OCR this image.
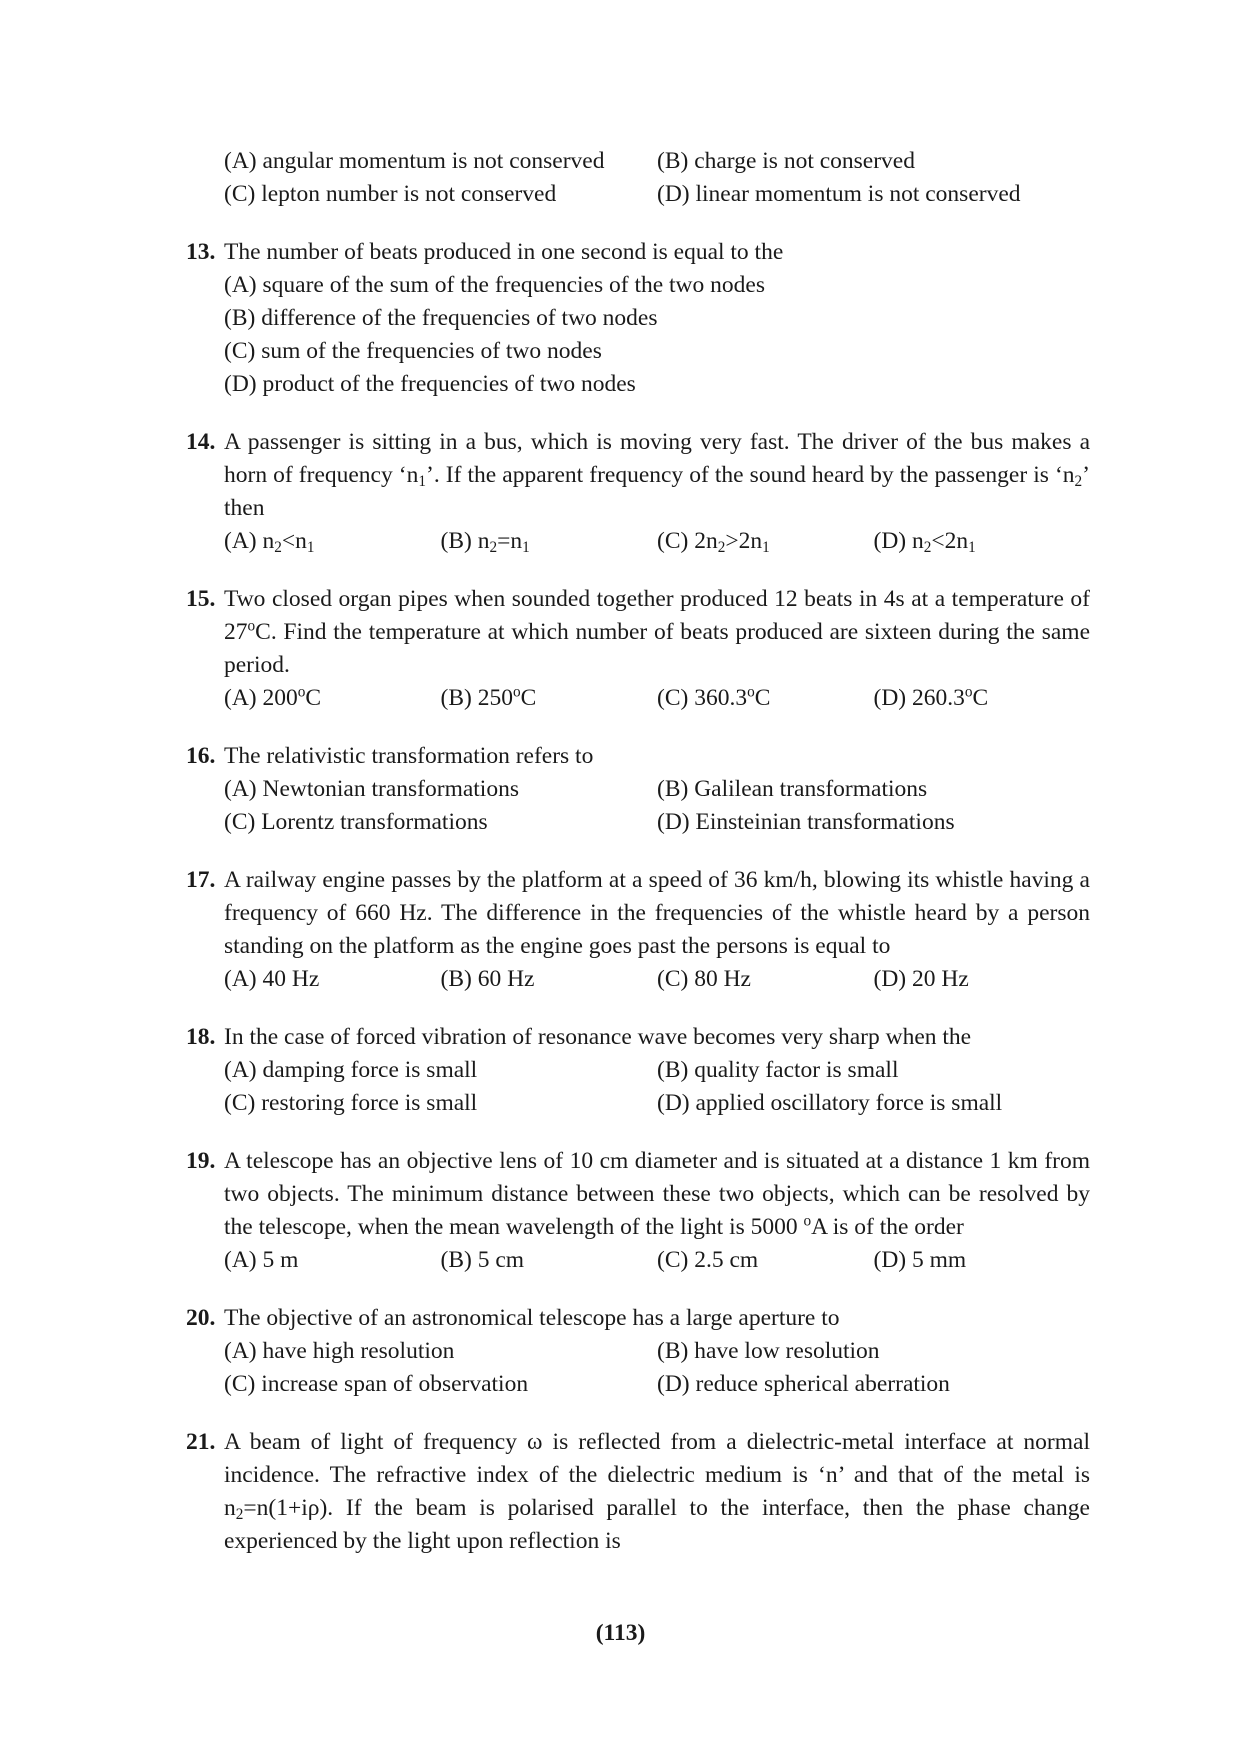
(A) angular momentum is not conserved	(B) charge is not conserved
(C) lepton number is not conserved	(D) linear momentum is not conserved
13. The number of beats produced in one second is equal to the
(A) square of the sum of the frequencies of the two nodes
(B) difference of the frequencies of two nodes
(C) sum of the frequencies of two nodes
(D) product of the frequencies of two nodes
14. A passenger is sitting in a bus, which is moving very fast. The driver of the bus makes a horn of frequency ‘$n_1$’. If the apparent frequency of the sound heard by the passenger is ‘$n_2$’ then
(A) $n_2<n_1$	(B) $n_2=n_1$	(C) $2n_2>2n_1$	(D) $n_2<2n_1$
15. Two closed organ pipes when sounded together produced 12 beats in 4s at a temperature of 27$^o$C. Find the temperature at which number of beats produced are sixteen during the same period.
(A) 200$^o$C	(B) 250$^o$C	(C) 360.3$^o$C	(D) 260.3$^o$C
16. The relativistic transformation refers to
(A) Newtonian transformations	(B) Galilean transformations
(C) Lorentz transformations	(D) Einsteinian transformations
17. A railway engine passes by the platform at a speed of 36 km/h, blowing its whistle having a frequency of 660 Hz. The difference in the frequencies of the whistle heard by a person standing on the platform as the engine goes past the persons is equal to
(A) 40 Hz	(B) 60 Hz	(C) 80 Hz	(D) 20 Hz
18. In the case of forced vibration of resonance wave becomes very sharp when the
(A) damping force is small	(B) quality factor is small
(C) restoring force is small	(D) applied oscillatory force is small
19. A telescope has an objective lens of 10 cm diameter and is situated at a distance 1 km from two objects. The minimum distance between these two objects, which can be resolved by the telescope, when the mean wavelength of the light is 5000 $^o$A is of the order
(A) 5 m	(B) 5 cm	(C) 2.5 cm	(D) 5 mm
20. The objective of an astronomical telescope has a large aperture to
(A) have high resolution	(B) have low resolution
(C) increase span of observation	(D) reduce spherical aberration
21. A beam of light of frequency ω is reflected from a dielectric-metal interface at normal incidence. The refractive index of the dielectric medium is ‘n’ and that of the metal is $n_2=n(1+i\rho)$. If the beam is polarised parallel to the interface, then the phase change experienced by the light upon reflection is
(113)
